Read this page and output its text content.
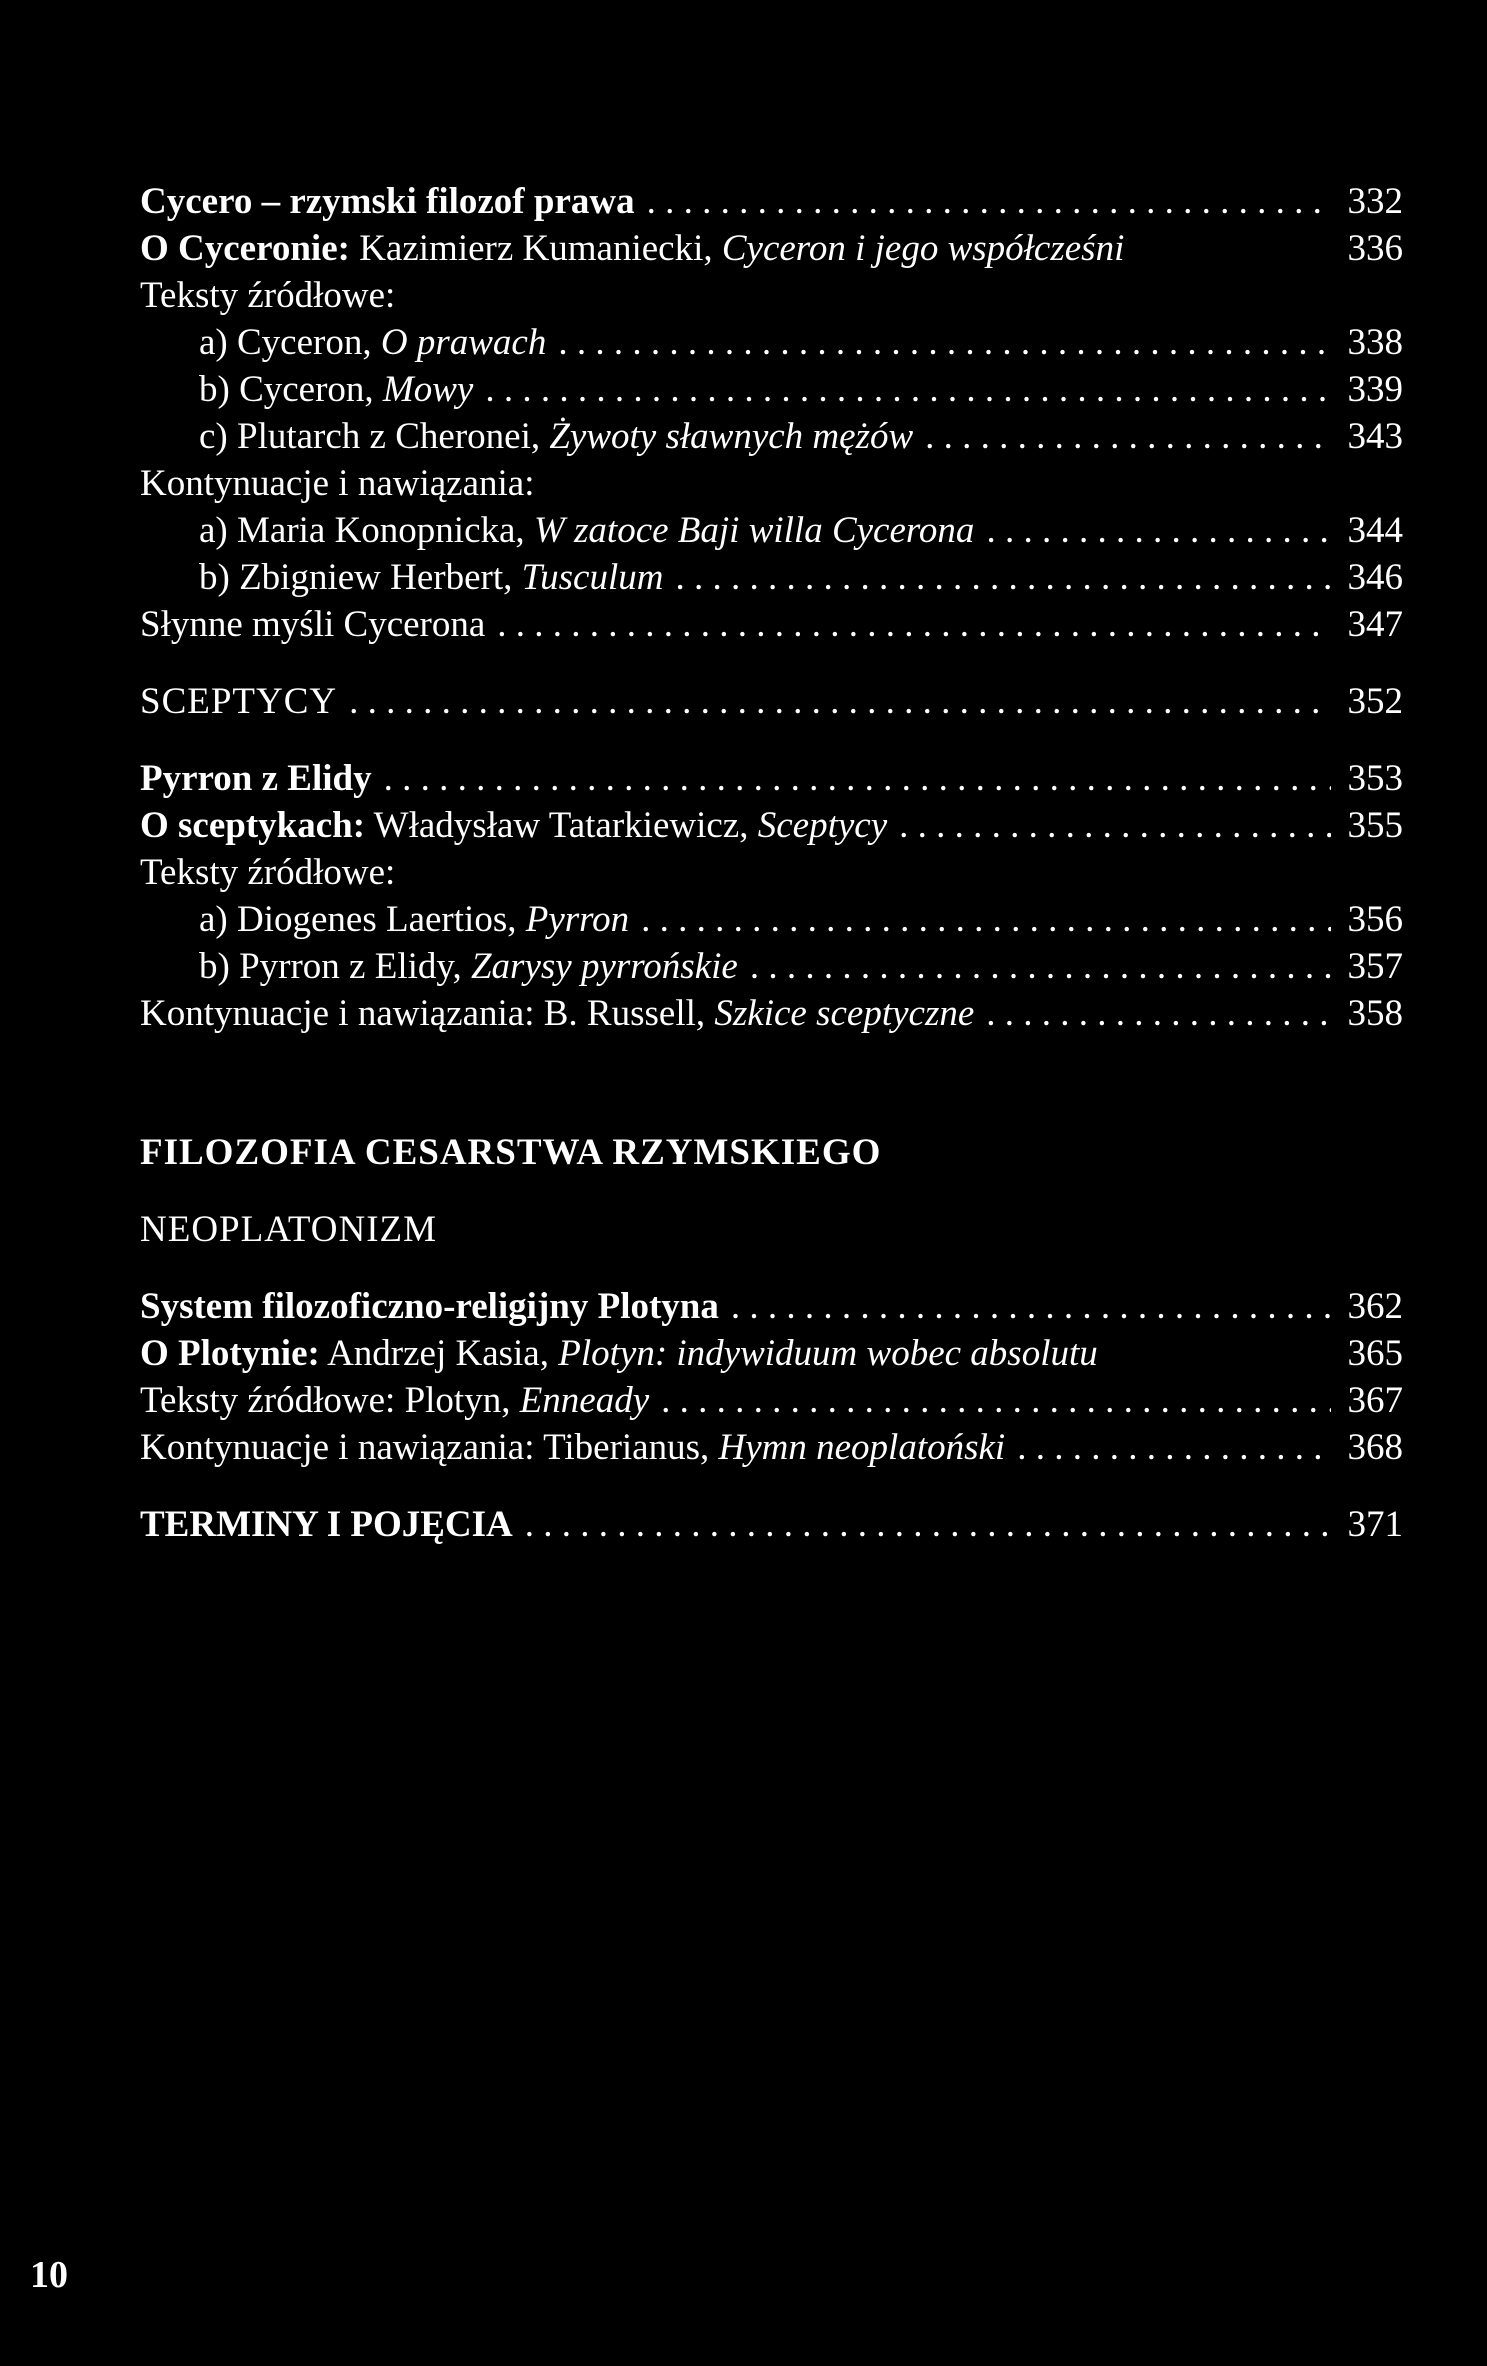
Cycero – rzymski filozof prawa . . .	332
O Cyceronie: Kazimierz Kumaniecki, Cyceron i jego współcześni	336
Teksty źródłowe:
a) Cyceron, O prawach . . .	338
b) Cyceron, Mowy . . .	339
c) Plutarch z Cheronei, Żywoty sławnych mężów . . .	343
Kontynuacje i nawiązania:
a) Maria Konopnicka, W zatoce Baji willa Cycerona . . .	344
b) Zbigniew Herbert, Tusculum . . .	346
Słynne myśli Cycerona . . .	347
SCEPTYCY . . .	352
Pyrron z Elidy . . .	353
O sceptykach: Władysław Tatarkiewicz, Sceptycy . . .	355
Teksty źródłowe:
a) Diogenes Laertios, Pyrron . . .	356
b) Pyrron z Elidy, Zarysy pyrrońskie . . .	357
Kontynuacje i nawiązania: B. Russell, Szkice sceptyczne . . .	358
FILOZOFIA CESARSTWA RZYMSKIEGO
NEOPLATONIZM
System filozoficzno-religijny Plotyna . . .	362
O Plotynie: Andrzej Kasia, Plotyn: indywiduum wobec absolutu	365
Teksty źródłowe: Plotyn, Enneady . . .	367
Kontynuacje i nawiązania: Tiberianus, Hymn neoplatoński . . .	368
TERMINY I POJĘCIA . . .	371
10
